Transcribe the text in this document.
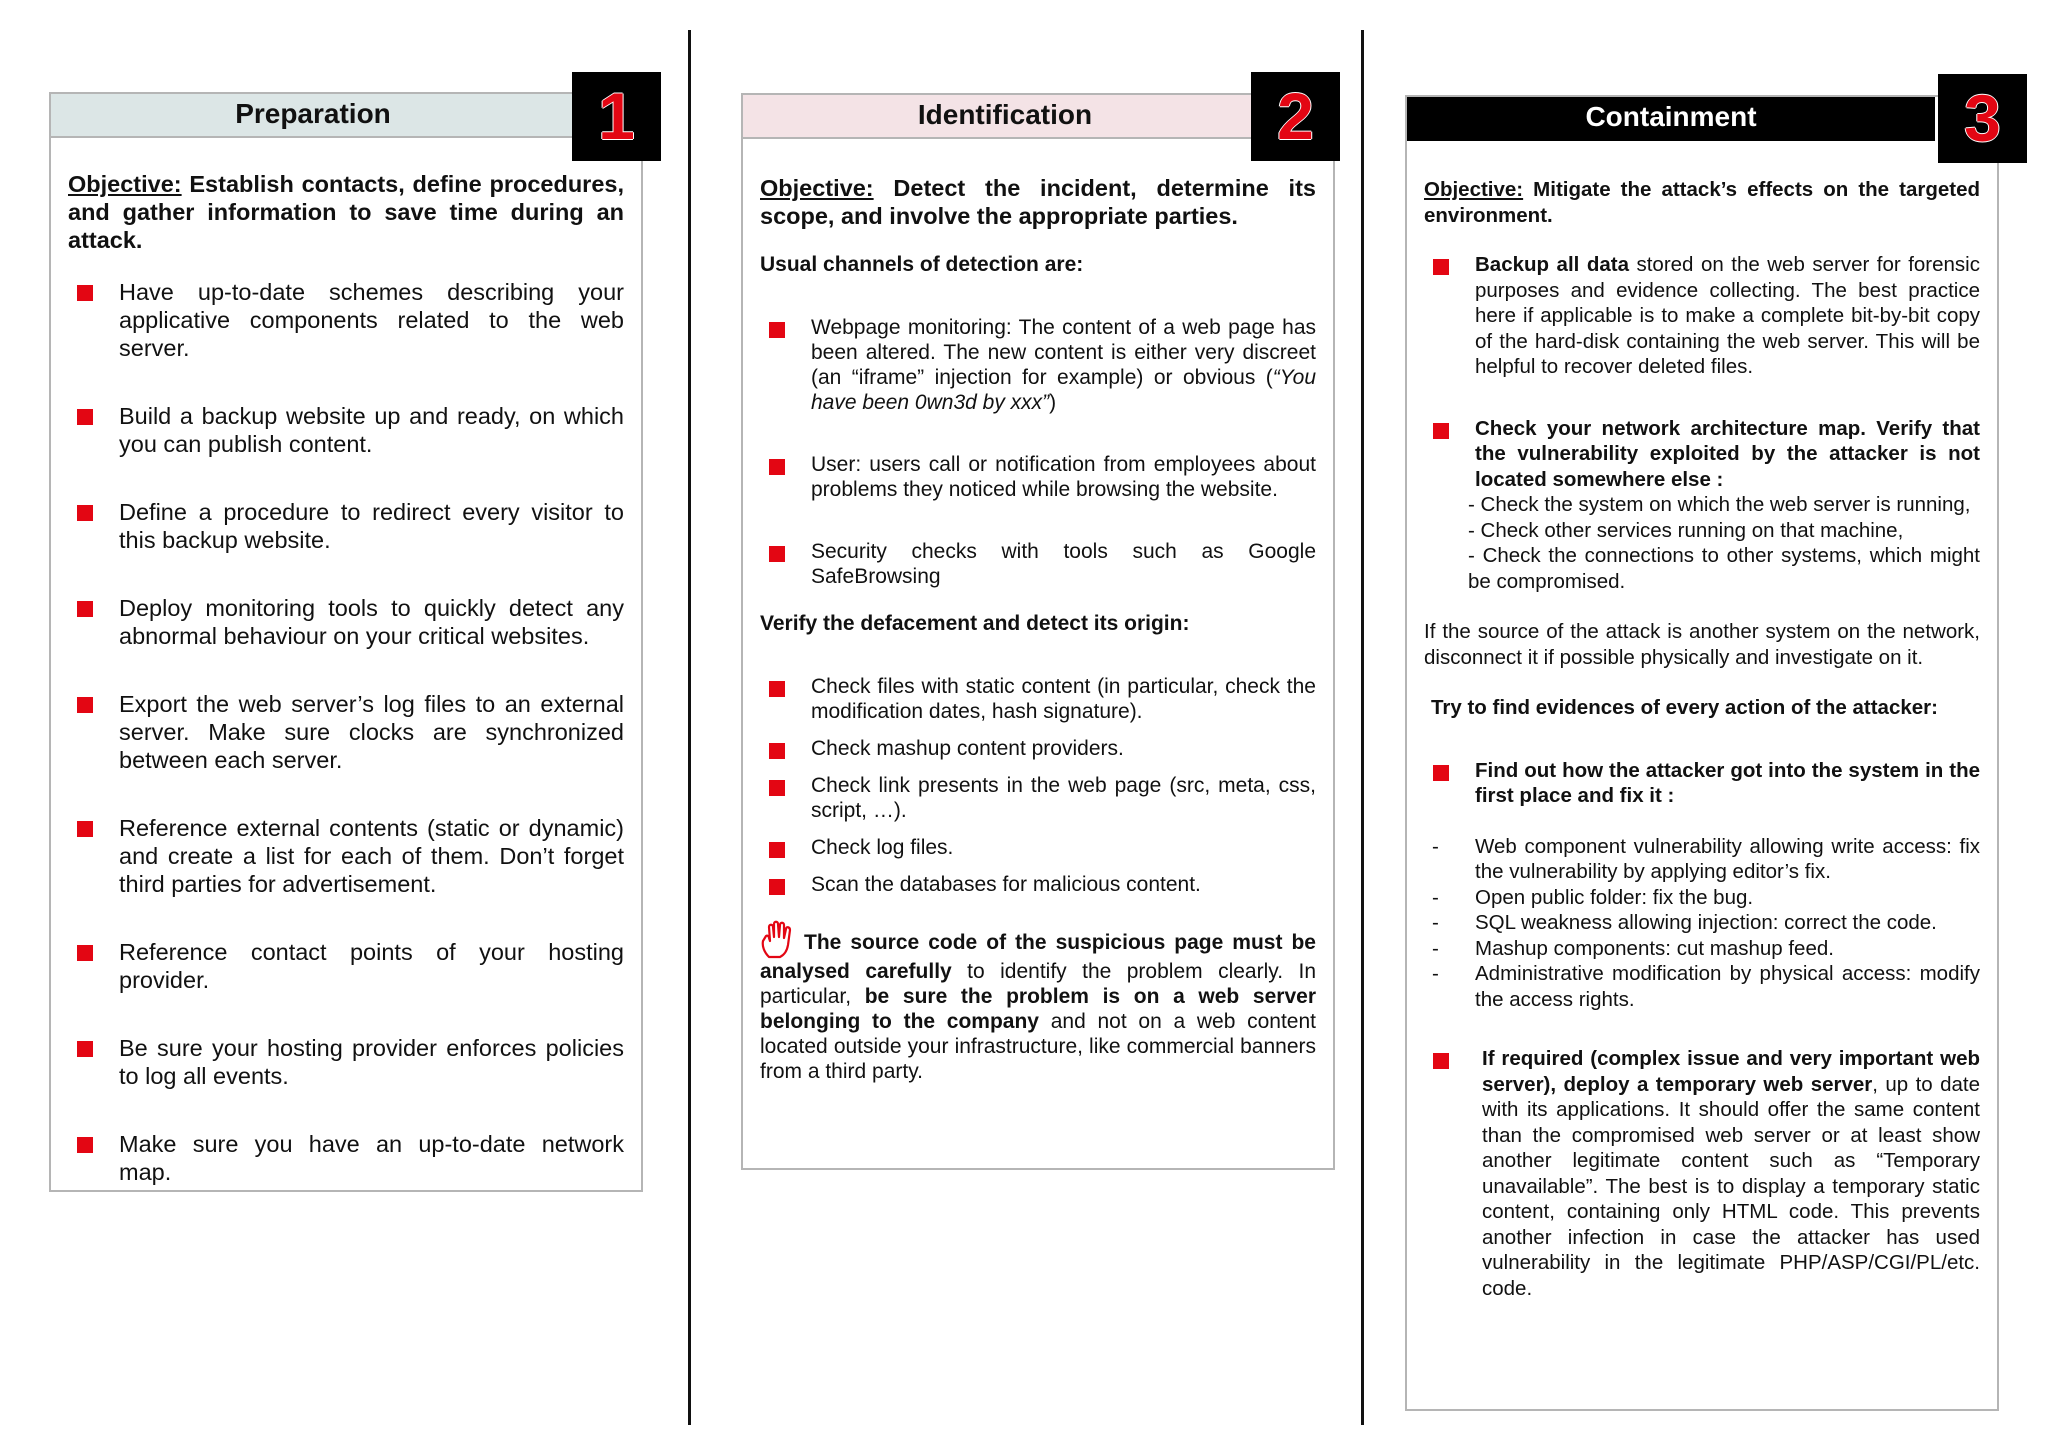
Preparation

Objective: Establish contacts, define procedures, and gather information to save time during an attack.

Have up-to-date schemes describing your applicative components related to the web server.
Build a backup website up and ready, on which you can publish content.
Define a procedure to redirect every visitor to this backup website.
Deploy monitoring tools to quickly detect any abnormal behaviour on your critical websites.
Export the web server’s log files to an external server. Make sure clocks are synchronized between each server.
Reference external contents (static or dynamic) and create a list for each of them. Don’t forget third parties for advertisement.
Reference contact points of your hosting provider.
Be sure your hosting provider enforces policies to log all events.
Make sure you have an up-to-date network map.
1	Identification

Objective: Detect the incident, determine its scope, and involve the appropriate parties.

Usual channels of detection are:

Webpage monitoring: The content of a web page has been altered. The new content is either very discreet (an “iframe” injection for example) or obvious (“You have been 0wn3d by xxx”)
User: users call or notification from employees about problems they noticed while browsing the website.
Security checks with tools such as Google SafeBrowsing

Verify the defacement and detect its origin:

Check files with static content (in particular, check the modification dates, hash signature).
Check mashup content providers.
Check link presents in the web page (src, meta, css, script, …).
Check log files.
Scan the databases for malicious content.

The source code of the suspicious page must be analysed carefully to identify the problem clearly. In particular, be sure the problem is on a web server belonging to the company and not on a web content located outside your infrastructure, like commercial banners from a third party.

2	Containment

Objective: Mitigate the attack’s effects on the targeted environment.

Backup all data stored on the web server for forensic purposes and evidence collecting. The best practice here if applicable is to make a complete bit-by-bit copy of the hard-disk containing the web server. This will be helpful to recover deleted files.
Check your network architecture map. Verify that the vulnerability exploited by the attacker is not located somewhere else :
- Check the system on which the web server is running,
- Check other services running on that machine,
- Check the connections to other systems, which might be compromised.

If the source of the attack is another system on the network, disconnect it if possible physically and investigate on it.

Try to find evidences of every action of the attacker:

Find out how the attacker got into the system in the first place and fix it :
- Web component vulnerability allowing write access: fix the vulnerability by applying editor’s fix.
- Open public folder: fix the bug.
- SQL weakness allowing injection: correct the code.
- Mashup components: cut mashup feed.
- Administrative modification by physical access: modify the access rights.
If required (complex issue and very important web server), deploy a temporary web server, up to date with its applications. It should offer the same content than the compromised web server or at least show another legitimate content such as “Temporary unavailable”. The best is to display a temporary static content, containing only HTML code. This prevents another infection in case the attacker has used vulnerability in the legitimate PHP/ASP/CGI/PL/etc. code.
3
